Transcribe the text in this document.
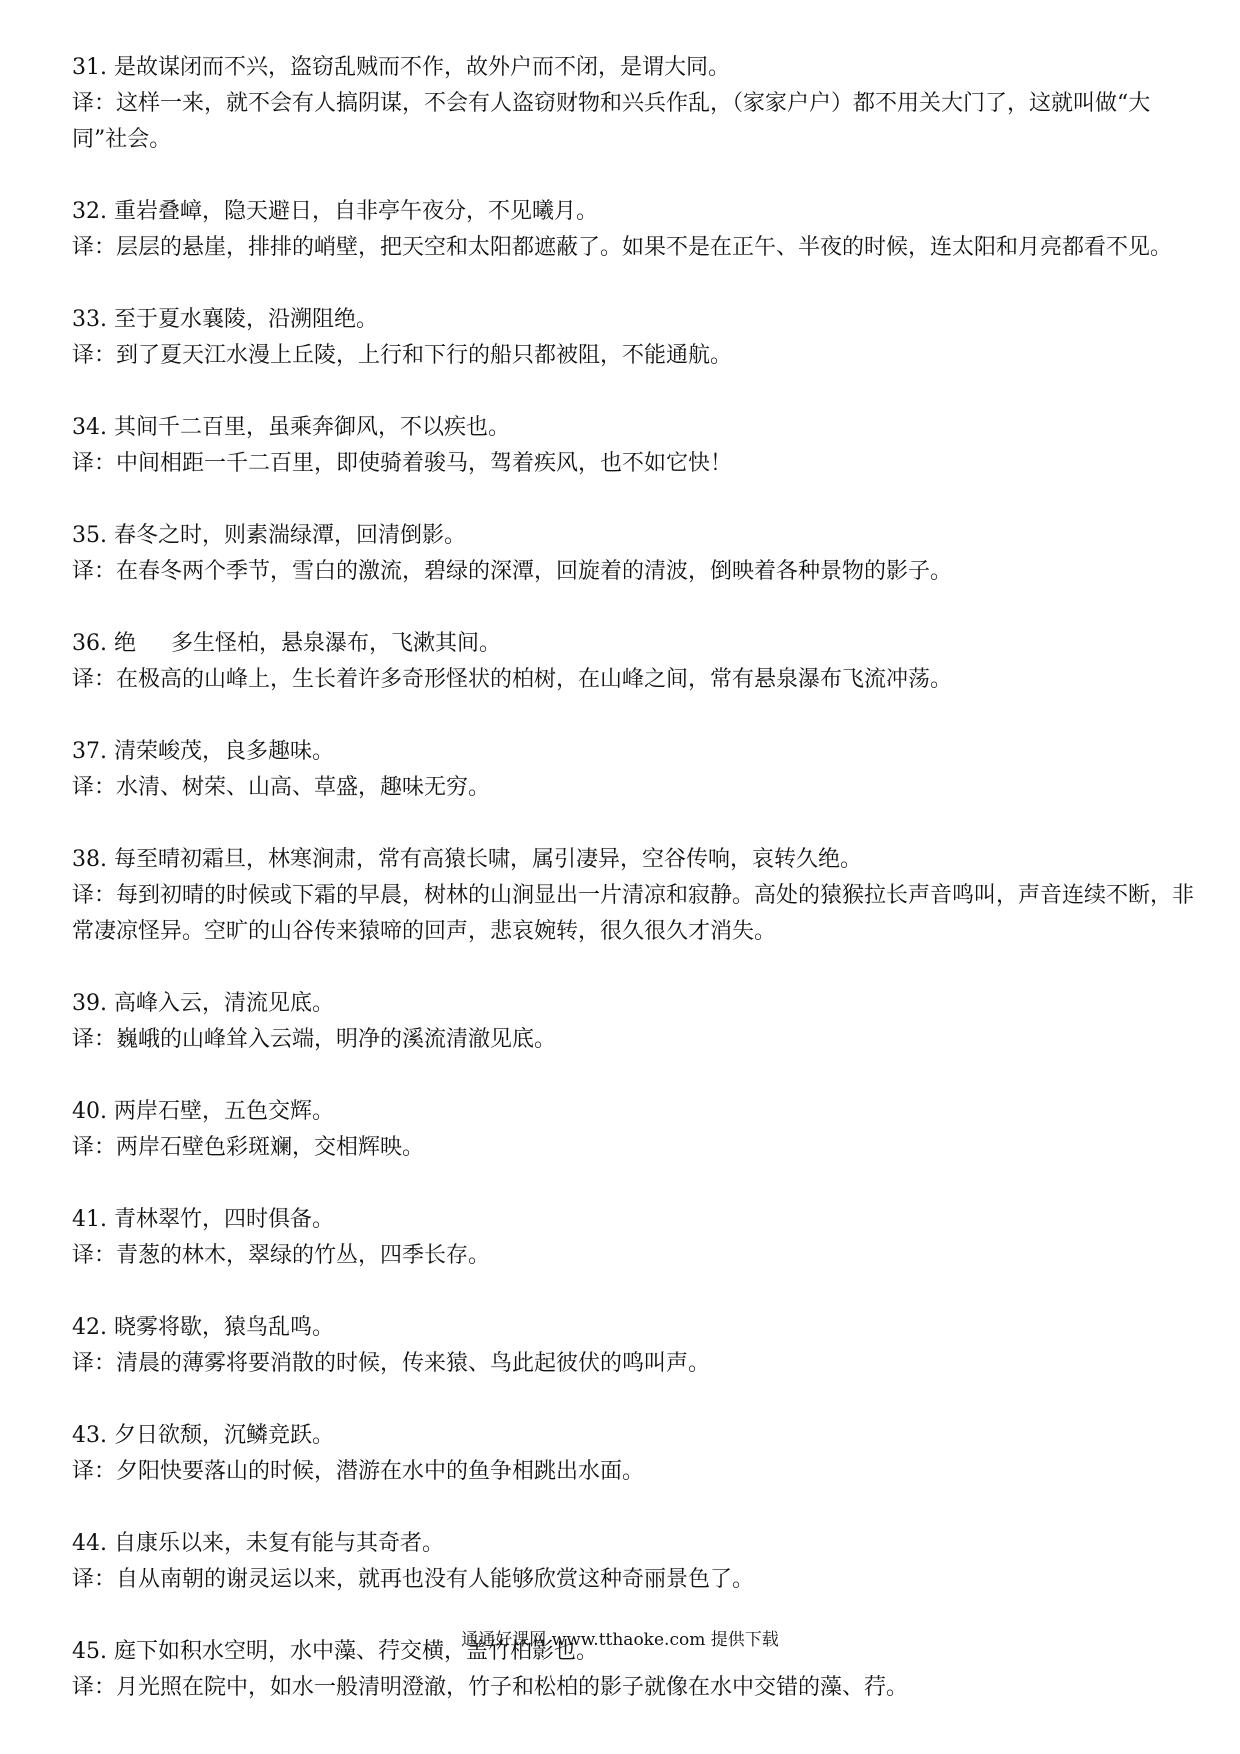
31. 是故谋闭而不兴，盗窃乱贼而不作，故外户而不闭，是谓大同。

译：这样一来，就不会有人搞阴谋，不会有人盗窃财物和兴兵作乱，（家家户户）都不用关大门了，这就叫做“大同”社会。

32. 重岩叠嶂，隐天避日，自非亭午夜分，不见曦月。

译：层层的悬崖，排排的峭壁，把天空和太阳都遮蔽了。如果不是在正午、半夜的时候，连太阳和月亮都看不见。

33. 至于夏水襄陵，沿溯阻绝。

译：到了夏天江水漫上丘陵，上行和下行的船只都被阻，不能通航。

34. 其间千二百里，虽乘奔御风，不以疾也。

译：中间相距一千二百里，即使骑着骏马，驾着疾风，也不如它快！

35. 春冬之时，则素湍绿潭，回清倒影。

译：在春冬两个季节，雪白的激流，碧绿的深潭，回旋着的清波，倒映着各种景物的影子。

36. 绝     多生怪柏，悬泉瀑布，飞漱其间。

译：在极高的山峰上，生长着许多奇形怪状的柏树，在山峰之间，常有悬泉瀑布飞流冲荡。

37. 清荣峻茂，良多趣味。

译：水清、树荣、山高、草盛，趣味无穷。

38. 每至晴初霜旦，林寒涧肃，常有高猿长啸，属引凄异，空谷传响，哀转久绝。

译：每到初晴的时候或下霜的早晨，树林的山涧显出一片清凉和寂静。高处的猿猴拉长声音鸣叫，声音连续不断，非常凄凉怪异。空旷的山谷传来猿啼的回声，悲哀婉转，很久很久才消失。

39. 高峰入云，清流见底。

译：巍峨的山峰耸入云端，明净的溪流清澈见底。

40. 两岸石壁，五色交辉。

译：两岸石壁色彩斑斓，交相辉映。

41. 青林翠竹，四时俱备。

译：青葱的林木，翠绿的竹丛，四季长存。

42. 晓雾将歇，猿鸟乱鸣。

译：清晨的薄雾将要消散的时候，传来猿、鸟此起彼伏的鸣叫声。

43. 夕日欲颓，沉鳞竞跃。

译：夕阳快要落山的时候，潜游在水中的鱼争相跳出水面。

44. 自康乐以来，未复有能与其奇者。

译：自从南朝的谢灵运以来，就再也没有人能够欣赏这种奇丽景色了。

45. 庭下如积水空明，水中藻、荇交横，盖竹柏影也。

译：月光照在院中，如水一般清明澄澈，竹子和松柏的影子就像在水中交错的藻、荇。

通通好课网 www.tthaoke.com 提供下载
